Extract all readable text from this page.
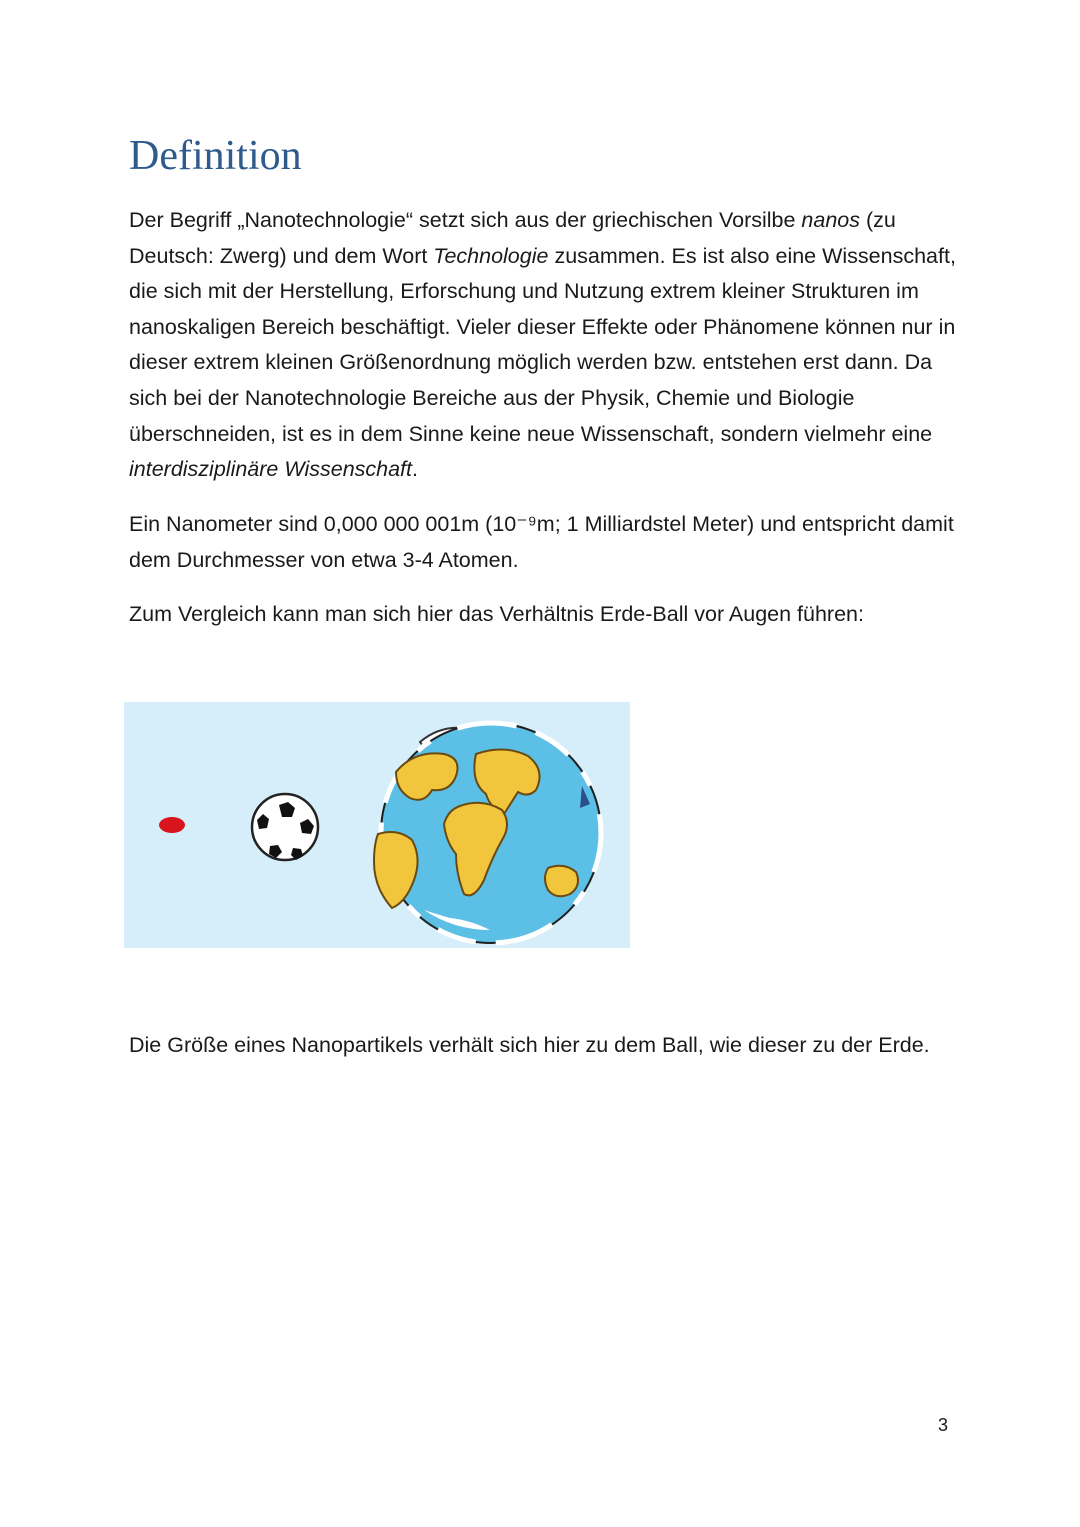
Definition

Der Begriff „Nanotechnologie“ setzt sich aus der griechischen Vorsilbe nanos (zu Deutsch: Zwerg) und dem Wort Technologie zusammen. Es ist also eine Wissenschaft, die sich mit der Herstellung, Erforschung und Nutzung extrem kleiner Strukturen im nanoskaligen Bereich beschäftigt. Vieler dieser Effekte oder Phänomene können nur in dieser extrem kleinen Größenordnung möglich werden bzw. entstehen erst dann. Da sich bei der Nanotechnologie Bereiche aus der Physik, Chemie und Biologie überschneiden, ist es in dem Sinne keine neue Wissenschaft, sondern vielmehr eine interdisziplinäre Wissenschaft.

Ein Nanometer sind 0,000 000 001m (10⁻⁹m; 1 Milliardstel Meter) und entspricht damit dem Durchmesser von etwa 3-4 Atomen.

Zum Vergleich kann man sich hier das Verhältnis Erde-Ball vor Augen führen:

Die Größe eines Nanopartikels verhält sich hier zu dem Ball, wie dieser zu der Erde.

3
